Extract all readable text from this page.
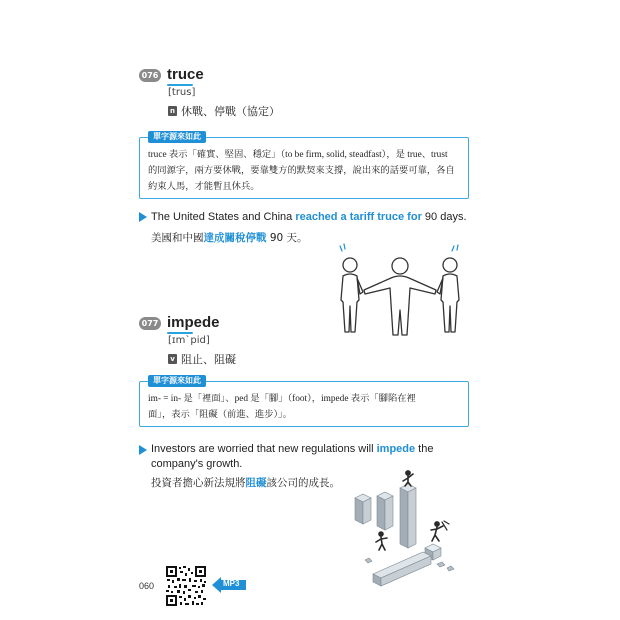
076 truce
[trus]
n 休戰、停戰（協定）
單字源來如此
truce 表示「確實、堅固、穩定」（to be firm, solid, steadfast），是 true、trust
的同源字，兩方要休戰，要靠雙方的默契來支撐，說出來的話要可靠，各自
約束人馬，才能暫且休兵。
The United States and China reached a tariff truce for 90 days.
美國和中國達成關稅停戰 90 天。
077 impede
[ɪmˋpid]
v 阻止、阻礙
單字源來如此
im- = in- 是「裡面」、ped 是「腳」（foot），impede 表示「腳陷在裡
面」，表示「阻礙（前進、進步）」。
Investors are worried that new regulations will impede the
company's growth.
投資者擔心新法規將阻礙該公司的成長。
060	MP3
